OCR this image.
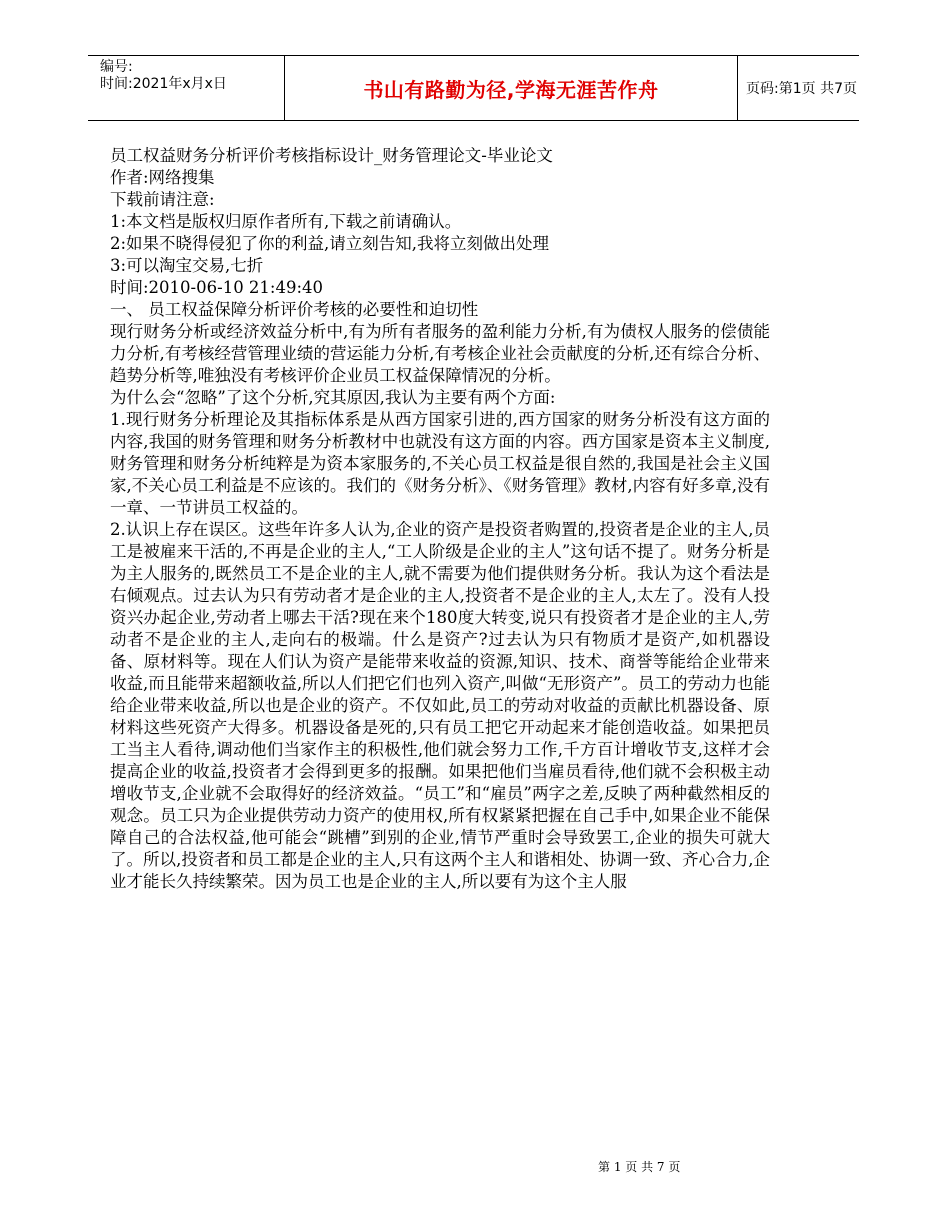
编号:
时间:2021年x月x日	书山有路勤为径,学海无涯苦作舟	页码:第1页 共7页

员工权益财务分析评价考核指标设计_财务管理论文-毕业论文

作者:网络搜集

下载前请注意:

1:本文档是版权归原作者所有,下载之前请确认。

2:如果不晓得侵犯了你的利益,请立刻告知,我将立刻做出处理

3:可以淘宝交易,七折

时间:2010-06-10 21:49:40

一、 员工权益保障分析评价考核的必要性和迫切性

现行财务分析或经济效益分析中,有为所有者服务的盈利能力分析,有为债权人服务的偿债能力分析,有考核经营管理业绩的营运能力分析,有考核企业社会贡献度的分析,还有综合分析、趋势分析等,唯独没有考核评价企业员工权益保障情况的分析。

为什么会“忽略”了这个分析,究其原因,我认为主要有两个方面:

1.现行财务分析理论及其指标体系是从西方国家引进的,西方国家的财务分析没有这方面的内容,我国的财务管理和财务分析教材中也就没有这方面的内容。西方国家是资本主义制度,财务管理和财务分析纯粹是为资本家服务的,不关心员工权益是很自然的,我国是社会主义国家,不关心员工利益是不应该的。我们的《财务分析》、《财务管理》教材,内容有好多章,没有一章、一节讲员工权益的。

2.认识上存在误区。这些年许多人认为,企业的资产是投资者购置的,投资者是企业的主人,员工是被雇来干活的,不再是企业的主人,“工人阶级是企业的主人”这句话不提了。财务分析是为主人服务的,既然员工不是企业的主人,就不需要为他们提供财务分析。我认为这个看法是右倾观点。过去认为只有劳动者才是企业的主人,投资者不是企业的主人,太左了。没有人投资兴办起企业,劳动者上哪去干活?现在来个180度大转变,说只有投资者才是企业的主人,劳动者不是企业的主人,走向右的极端。什么是资产?过去认为只有物质才是资产,如机器设备、原材料等。现在人们认为资产是能带来收益的资源,知识、技术、商誉等能给企业带来收益,而且能带来超额收益,所以人们把它们也列入资产,叫做“无形资产”。员工的劳动力也能给企业带来收益,所以也是企业的资产。不仅如此,员工的劳动对收益的贡献比机器设备、原材料这些死资产大得多。机器设备是死的,只有员工把它开动起来才能创造收益。如果把员工当主人看待,调动他们当家作主的积极性,他们就会努力工作,千方百计增收节支,这样才会提高企业的收益,投资者才会得到更多的报酬。如果把他们当雇员看待,他们就不会积极主动增收节支,企业就不会取得好的经济效益。“员工”和“雇员”两字之差,反映了两种截然相反的观念。员工只为企业提供劳动力资产的使用权,所有权紧紧把握在自己手中,如果企业不能保障自己的合法权益,他可能会“跳槽”到别的企业,情节严重时会导致罢工,企业的损失可就大了。所以,投资者和员工都是企业的主人,只有这两个主人和谐相处、协调一致、齐心合力,企业才能长久持续繁荣。因为员工也是企业的主人,所以要有为这个主人服

第 1 页 共 7 页
